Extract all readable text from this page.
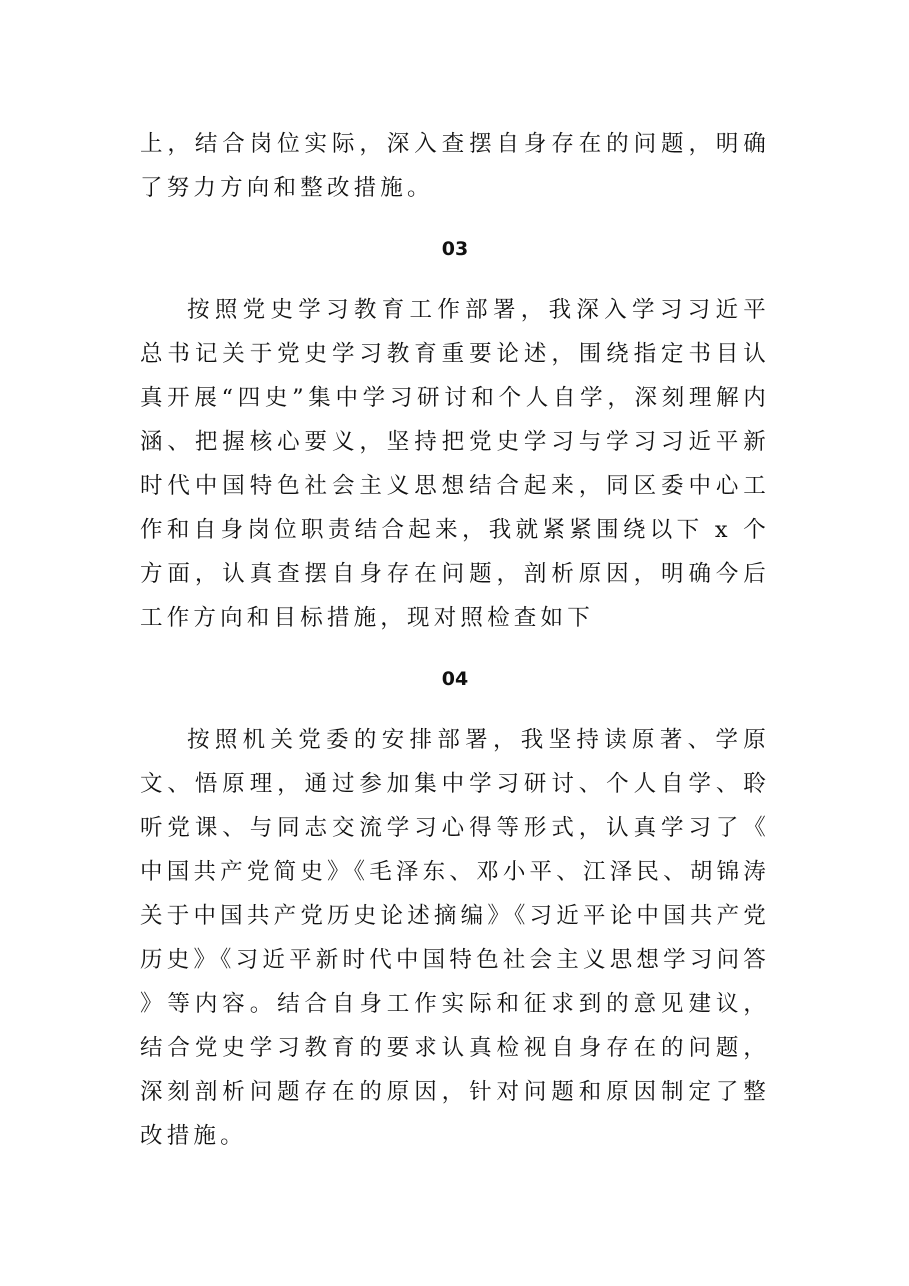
上，结合岗位实际，深入查摆自身存在的问题，明确了努力方向和整改措施。

03

按照党史学习教育工作部署，我深入学习习近平总书记关于党史学习教育重要论述，围绕指定书目认真开展“四史”集中学习研讨和个人自学，深刻理解内涵、把握核心要义，坚持把党史学习与学习习近平新时代中国特色社会主义思想结合起来，同区委中心工作和自身岗位职责结合起来，我就紧紧围绕以下 x 个方面，认真查摆自身存在问题，剖析原因，明确今后工作方向和目标措施，现对照检查如下

04

按照机关党委的安排部署，我坚持读原著、学原文、悟原理，通过参加集中学习研讨、个人自学、聆听党课、与同志交流学习心得等形式，认真学习了《中国共产党简史》《毛泽东、邓小平、江泽民、胡锦涛关于中国共产党历史论述摘编》《习近平论中国共产党历史》《习近平新时代中国特色社会主义思想学习问答》等内容。结合自身工作实际和征求到的意见建议，结合党史学习教育的要求认真检视自身存在的问题，深刻剖析问题存在的原因，针对问题和原因制定了整改措施。
